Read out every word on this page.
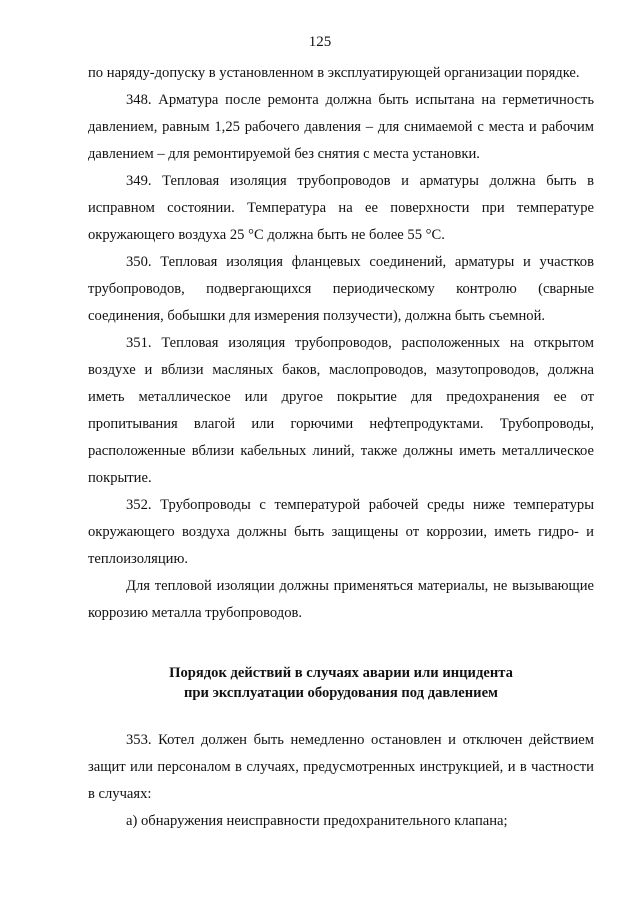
125

по наряду-допуску в установленном в эксплуатирующей организации порядке.

348. Арматура после ремонта должна быть испытана на герметичность давлением, равным 1,25 рабочего давления – для снимаемой с места и рабочим давлением – для ремонтируемой без снятия с места установки.

349. Тепловая изоляция трубопроводов и арматуры должна быть в исправном состоянии. Температура на ее поверхности при температуре окружающего воздуха 25 °C должна быть не более 55 °C.

350. Тепловая изоляция фланцевых соединений, арматуры и участков трубопроводов, подвергающихся периодическому контролю (сварные соединения, бобышки для измерения ползучести), должна быть съемной.

351. Тепловая изоляция трубопроводов, расположенных на открытом воздухе и вблизи масляных баков, маслопроводов, мазутопроводов, должна иметь металлическое или другое покрытие для предохранения ее от пропитывания влагой или горючими нефтепродуктами. Трубопроводы, расположенные вблизи кабельных линий, также должны иметь металлическое покрытие.

352. Трубопроводы с температурой рабочей среды ниже температуры окружающего воздуха должны быть защищены от коррозии, иметь гидро- и теплоизоляцию.

Для тепловой изоляции должны применяться материалы, не вызывающие коррозию металла трубопроводов.

Порядок действий в случаях аварии или инцидента
при эксплуатации оборудования под давлением

353. Котел должен быть немедленно остановлен и отключен действием защит или персоналом в случаях, предусмотренных инструкцией, и в частности в случаях:

а) обнаружения неисправности предохранительного клапана;
